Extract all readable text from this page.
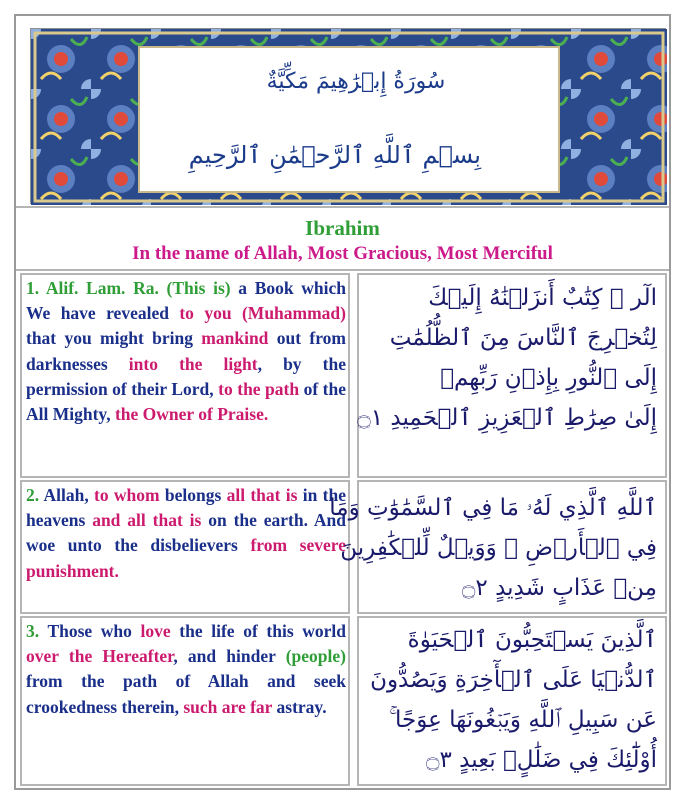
سُورَةُ إِبۡرَٰهِيمَ مَكِّيَّةٌ
بِسۡمِ ٱللَّهِ ٱلرَّحۡمَٰنِ ٱلرَّحِيمِ
Ibrahim
In the name of Allah, Most Gracious, Most Merciful
1. Alif. Lam. Ra. (This is) a Book which We have revealed to you (Muhammad) that you might bring mankind out from darknesses into the light, by the permission of their Lord, to the path of the All Mighty, the Owner of Praise.
الٓر ۚ كِتَٰبٌ أَنزَلۡنَٰهُ إِلَيۡكَ
لِتُخۡرِجَ ٱلنَّاسَ مِنَ ٱلظُّلُمَٰتِ
إِلَى ٱلنُّورِ بِإِذۡنِ رَبِّهِمۡ
إِلَىٰ صِرَٰطِ ٱلۡعَزِيزِ ٱلۡحَمِيدِ ۝١
2. Allah, to whom belongs all that is in the heavens and all that is on the earth. And woe unto the disbelievers from severe punishment.
ٱللَّهِ ٱلَّذِي لَهُۥ مَا فِي ٱلسَّمَٰوَٰتِ وَمَا
فِي ٱلۡأَرۡضِ ۗ وَوَيۡلٌ لِّلۡكَٰفِرِينَ
مِنۡ عَذَابٍ شَدِيدٍ ۝٢
3. Those who love the life of this world over the Hereafter, and hinder (people) from the path of Allah and seek crookedness therein, such are far astray.
ٱلَّذِينَ يَسۡتَحِبُّونَ ٱلۡحَيَوٰةَ
ٱلدُّنۡيَا عَلَى ٱلۡأٓخِرَةِ وَيَصُدُّونَ
عَن سَبِيلِ ٱللَّهِ وَيَبۡغُونَهَا عِوَجًا ۚ
أُوْلَٰٓئِكَ فِي ضَلَٰلٍۭ بَعِيدٍ ۝٣
